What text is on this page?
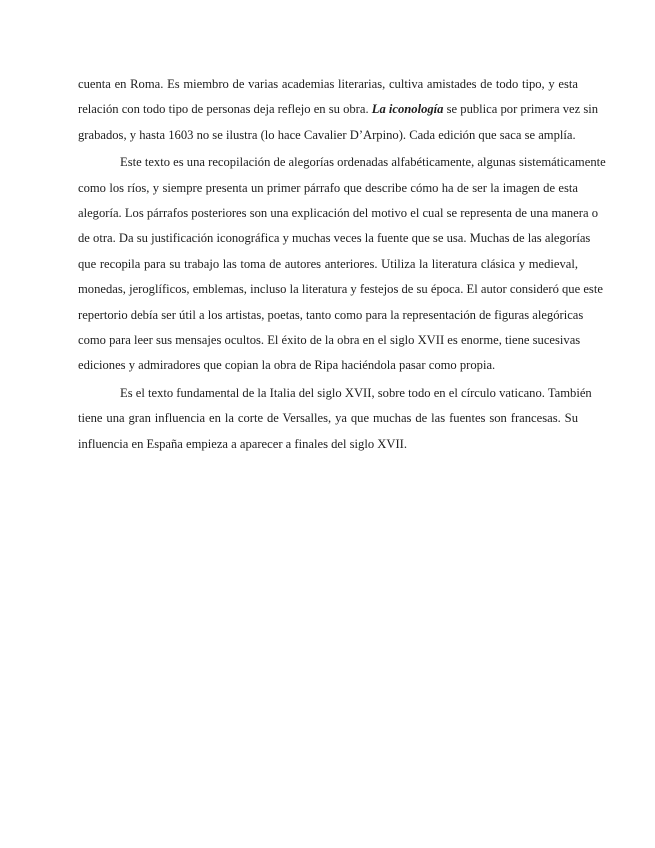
cuenta en Roma. Es miembro de varias academias literarias, cultiva amistades de todo tipo, y esta
relación con todo tipo de personas deja reflejo en su obra. La iconología se publica por primera vez sin
grabados, y hasta 1603 no se ilustra (lo hace Cavalier D’Arpino). Cada edición que saca se amplía.
Este texto es una recopilación de alegorías ordenadas alfabéticamente, algunas sistemáticamente
como los ríos, y siempre presenta un primer párrafo que describe cómo ha de ser la imagen de esta
alegoría. Los párrafos posteriores son una explicación del motivo el cual se representa de una manera o
de otra. Da su justificación iconográfica y muchas veces la fuente que se usa. Muchas de las alegorías
que recopila para su trabajo las toma de autores anteriores. Utiliza la literatura clásica y medieval,
monedas, jeroglíficos, emblemas, incluso la literatura y festejos de su época. El autor consideró que este
repertorio debía ser útil a los artistas, poetas, tanto como para la representación de figuras alegóricas
como para leer sus mensajes ocultos. El éxito de la obra en el siglo XVII es enorme, tiene sucesivas
ediciones y admiradores que copian la obra de Ripa haciéndola pasar como propia.
Es el texto fundamental de la Italia del siglo XVII, sobre todo en el círculo vaticano. También
tiene una gran influencia en la corte de Versalles, ya que muchas de las fuentes son francesas. Su
influencia en España empieza a aparecer a finales del siglo XVII.
